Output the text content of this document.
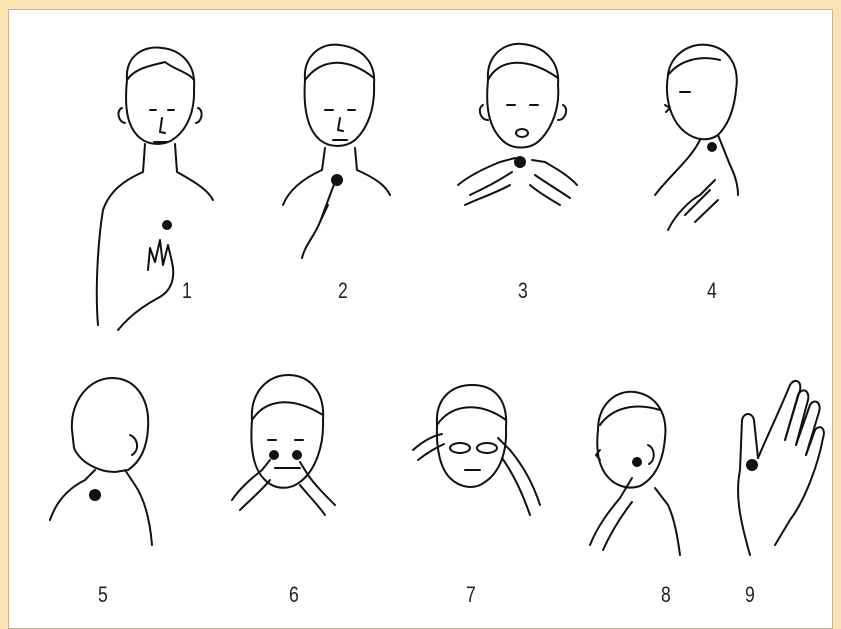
1	2	3	4
5	6	7	8	9
